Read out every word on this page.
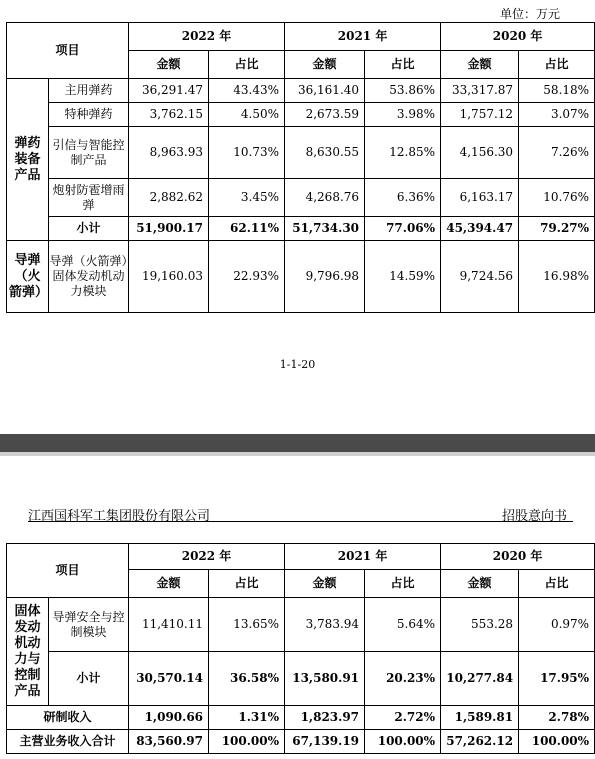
单位：万元
项目		2022 年		2021 年		2020 年	
		金额	占比	金额	占比	金额	占比
弹药装备产品	主用弹药	36,291.47	43.43%	36,161.40	53.86%	33,317.87	58.18%
	特种弹药	3,762.15	4.50%	2,673.59	3.98%	1,757.12	3.07%
	引信与智能控制产品	8,963.93	10.73%	8,630.55	12.85%	4,156.30	7.26%
	炮射防雹增雨弹	2,882.62	3.45%	4,268.76	6.36%	6,163.17	10.76%
	小计	51,900.17	62.11%	51,734.30	77.06%	45,394.47	79.27%
导弹（火箭弹）	导弹（火箭弹）固体发动机动力模块	19,160.03	22.93%	9,796.98	14.59%	9,724.56	16.98%
1-1-20
江西国科军工集团股份有限公司	招股意向书
项目		2022 年		2021 年		2020 年	
		金额	占比	金额	占比	金额	占比
固体发动机动力与控制产品	导弹安全与控制模块	11,410.11	13.65%	3,783.94	5.64%	553.28	0.97%
	小计	30,570.14	36.58%	13,580.91	20.23%	10,277.84	17.95%
研制收入		1,090.66	1.31%	1,823.97	2.72%	1,589.81	2.78%
主营业务收入合计		83,560.97	100.00%	67,139.19	100.00%	57,262.12	100.00%
